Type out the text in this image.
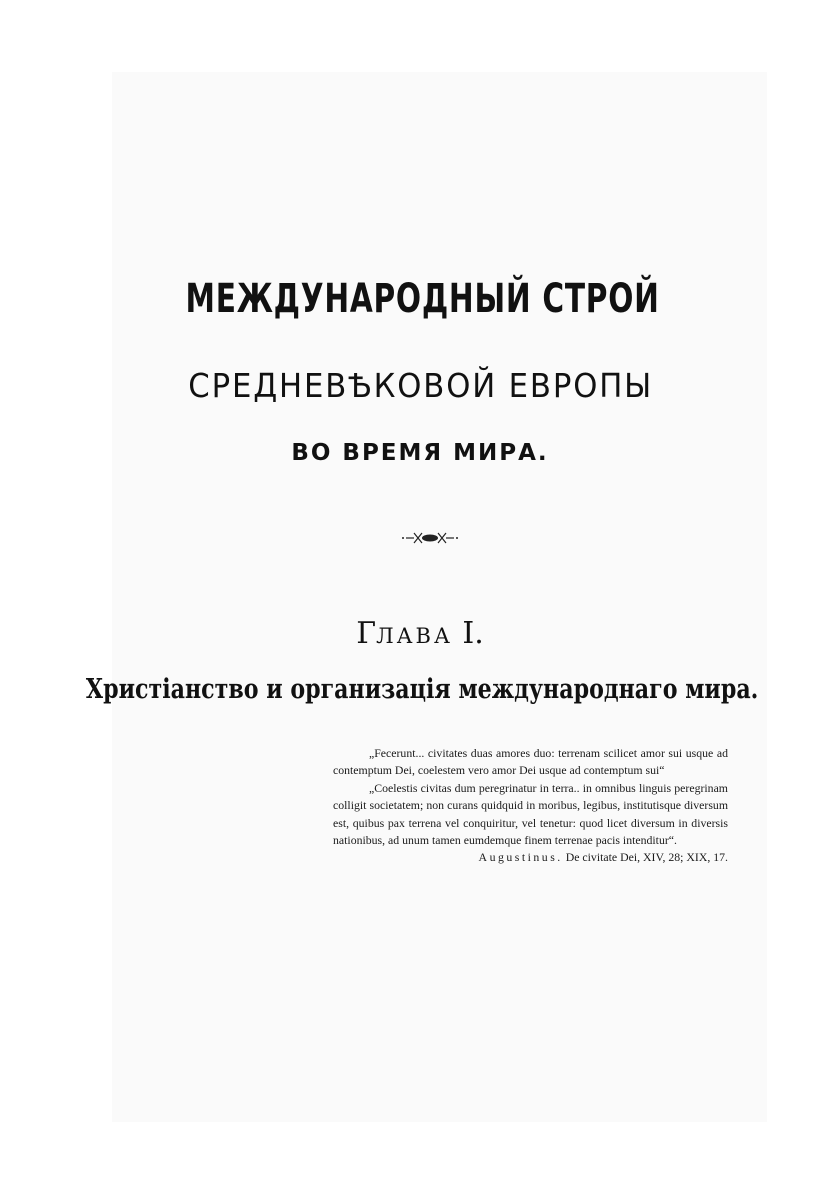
МЕЖДУНАРОДНЫЙ СТРОЙ
СРЕДНЕВѢКОВОЙ ЕВРОПЫ
ВО ВРЕМЯ МИРА.
ГЛАВА I.
Христіанство и организація международнаго мира.

„Fecerunt... civitates duas amores duo: terrenam scilicet amor sui usque ad contemptum Dei, coelestem vero amor Dei usque ad contemptum sui“

„Coelestis civitas dum peregrinatur in terra.. in omnibus linguis peregrinam colligit societatem; non curans quidquid in moribus, legibus, institutisque diversum est, quibus pax terrena vel conquiritur, vel tenetur: quod licet diversum in diversis nationibus, ad unum tamen eumdemque finem terrenae pacis intenditur“.

Augustinus. De civitate Dei, XIV, 28; XIX, 17.
